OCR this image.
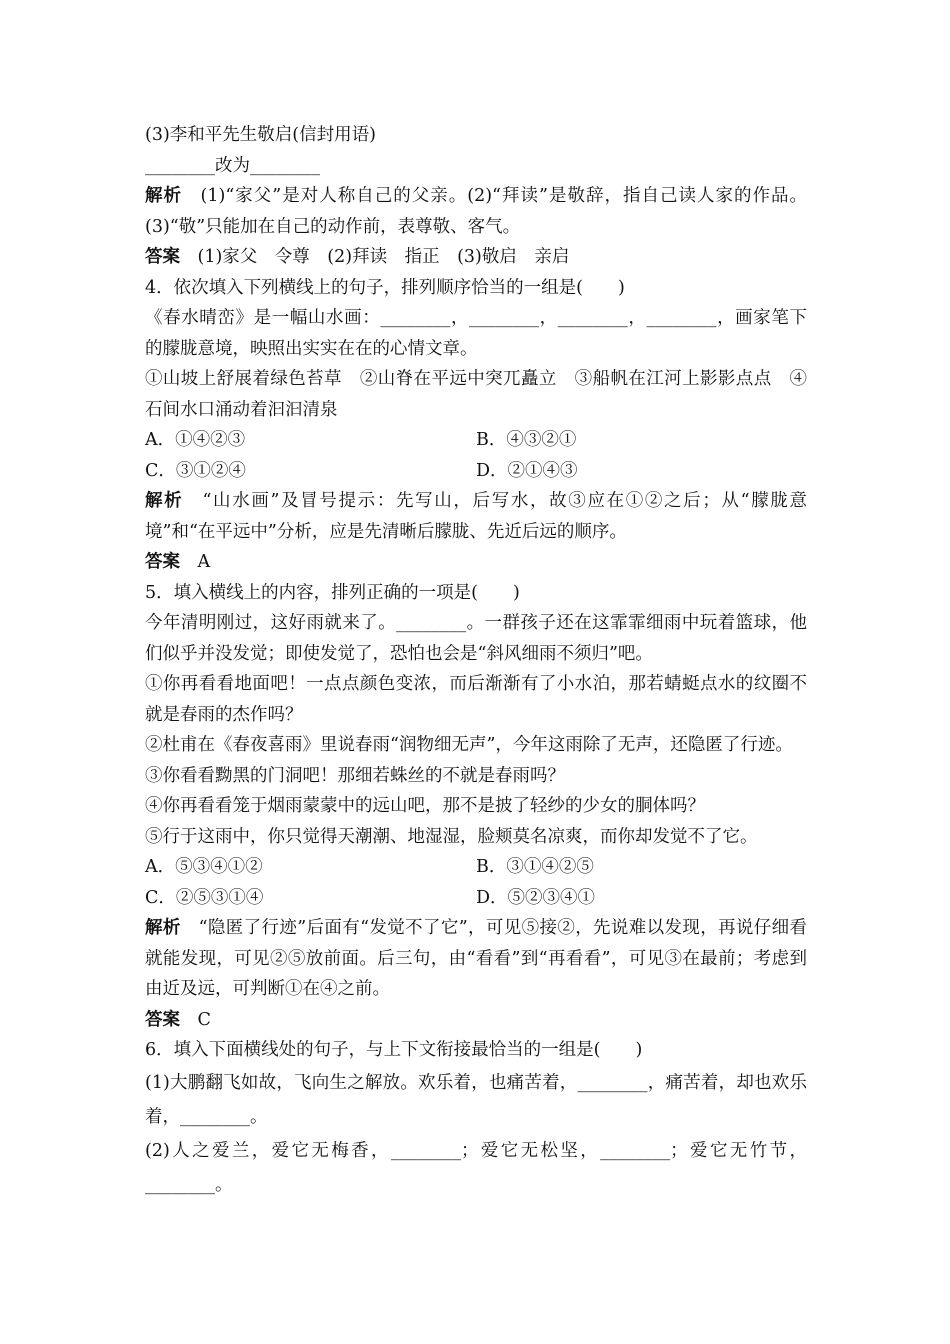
(3)李和平先生敬启(信封用语)
________改为________
解析　 (1)“家父”是对人称自己的父亲。(2)“拜读”是敬辞，指自己读人家的作品。(3)“敬”只能加在自己的动作前，表尊敬、客气。
答案　 (1)家父　令尊　(2)拜读　指正　(3)敬启　亲启
4．依次填入下列横线上的句子，排列顺序恰当的一组是(　　)
《春水晴峦》是一幅山水画：________，________，________，________，画家笔下的朦胧意境，映照出实实在在的心情文章。
①山坡上舒展着绿色苔草　②山脊在平远中突兀矗立　③船帆在江河上影影点点　④石间水口涌动着汩汩清泉
A．①④②③	B．④③②①
C．③①②④	D．②①④③
解析　 “山水画”及冒号提示：先写山，后写水，故③应在①②之后；从“朦胧意境”和“在平远中”分析，应是先清晰后朦胧、先近后远的顺序。
答案　 A
5．填入横线上的内容，排列正确的一项是(　　)
今年清明刚过，这好雨就来了。________。一群孩子还在这霏霏细雨中玩着篮球，他们似乎并没发觉；即使发觉了，恐怕也会是“斜风细雨不须归”吧。
①你再看看地面吧！一点点颜色变浓，而后渐渐有了小水泊，那若蜻蜓点水的纹圈不就是春雨的杰作吗？
②杜甫在《春夜喜雨》里说春雨“润物细无声”，今年这雨除了无声，还隐匿了行迹。
③你看看黝黑的门洞吧！那细若蛛丝的不就是春雨吗？
④你再看看笼于烟雨蒙蒙中的远山吧，那不是披了轻纱的少女的胴体吗？
⑤行于这雨中，你只觉得天潮潮、地湿湿，脸颊莫名凉爽，而你却发觉不了它。
A．⑤③④①②	B．③①④②⑤
C．②⑤③①④	D．⑤②③④①
解析　 “隐匿了行迹”后面有“发觉不了它”，可见⑤接②，先说难以发现，再说仔细看就能发现，可见②⑤放前面。后三句，由“看看”到“再看看”，可见③在最前；考虑到由近及远，可判断①在④之前。
答案　 C
6．填入下面横线处的句子，与上下文衔接最恰当的一组是(　　)
(1)大鹏翻飞如故，飞向生之解放。欢乐着，也痛苦着，________，痛苦着，却也欢乐着，________。
(2)人之爱兰，爱它无梅香，________；爱它无松坚，________；爱它无竹节，________。
